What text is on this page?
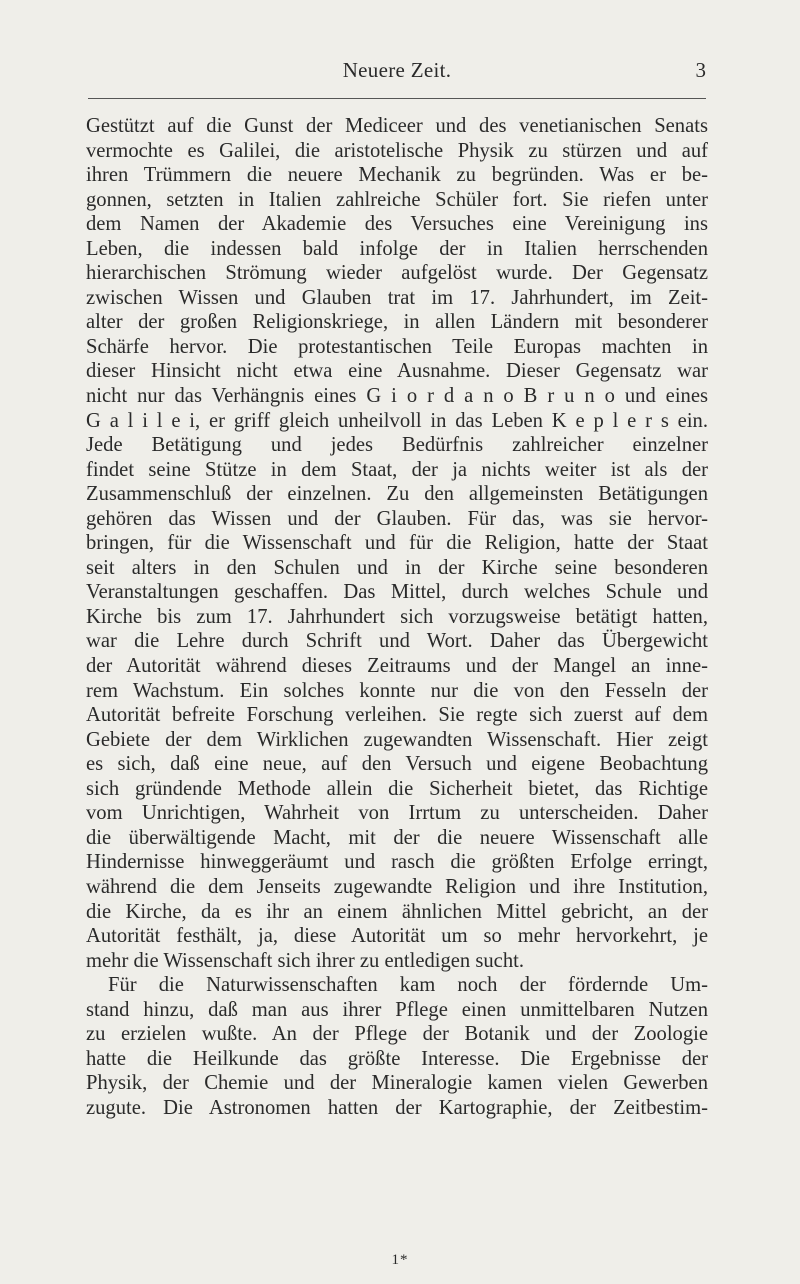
Neuere Zeit.	3
Gestützt auf die Gunst der Mediceer und des venetianischen Senats
vermochte es Galilei, die aristotelische Physik zu stürzen und auf
ihren Trümmern die neuere Mechanik zu begründen. Was er be-
gonnen, setzten in Italien zahlreiche Schüler fort. Sie riefen unter
dem Namen der Akademie des Versuches eine Vereinigung ins
Leben, die indessen bald infolge der in Italien herrschenden
hierarchischen Strömung wieder aufgelöst wurde. Der Gegensatz
zwischen Wissen und Glauben trat im 17. Jahrhundert, im Zeit-
alter der großen Religionskriege, in allen Ländern mit besonderer
Schärfe hervor. Die protestantischen Teile Europas machten in
dieser Hinsicht nicht etwa eine Ausnahme. Dieser Gegensatz war
nicht nur das Verhängnis eines G i o r d a n o B r u n o und eines
G a l i l e i, er griff gleich unheilvoll in das Leben K e p l e r s ein.
Jede Betätigung und jedes Bedürfnis zahlreicher einzelner
findet seine Stütze in dem Staat, der ja nichts weiter ist als der
Zusammenschluß der einzelnen. Zu den allgemeinsten Betätigungen
gehören das Wissen und der Glauben. Für das, was sie hervor-
bringen, für die Wissenschaft und für die Religion, hatte der Staat
seit alters in den Schulen und in der Kirche seine besonderen
Veranstaltungen geschaffen. Das Mittel, durch welches Schule und
Kirche bis zum 17. Jahrhundert sich vorzugsweise betätigt hatten,
war die Lehre durch Schrift und Wort. Daher das Übergewicht
der Autorität während dieses Zeitraums und der Mangel an inne-
rem Wachstum. Ein solches konnte nur die von den Fesseln der
Autorität befreite Forschung verleihen. Sie regte sich zuerst auf dem
Gebiete der dem Wirklichen zugewandten Wissenschaft. Hier zeigt
es sich, daß eine neue, auf den Versuch und eigene Beobachtung
sich gründende Methode allein die Sicherheit bietet, das Richtige
vom Unrichtigen, Wahrheit von Irrtum zu unterscheiden. Daher
die überwältigende Macht, mit der die neuere Wissenschaft alle
Hindernisse hinweggeräumt und rasch die größten Erfolge erringt,
während die dem Jenseits zugewandte Religion und ihre Institution,
die Kirche, da es ihr an einem ähnlichen Mittel gebricht, an der
Autorität festhält, ja, diese Autorität um so mehr hervorkehrt, je
mehr die Wissenschaft sich ihrer zu entledigen sucht.
Für die Naturwissenschaften kam noch der fördernde Um-
stand hinzu, daß man aus ihrer Pflege einen unmittelbaren Nutzen
zu erzielen wußte. An der Pflege der Botanik und der Zoologie
hatte die Heilkunde das größte Interesse. Die Ergebnisse der
Physik, der Chemie und der Mineralogie kamen vielen Gewerben
zugute. Die Astronomen hatten der Kartographie, der Zeitbestim-
1*
